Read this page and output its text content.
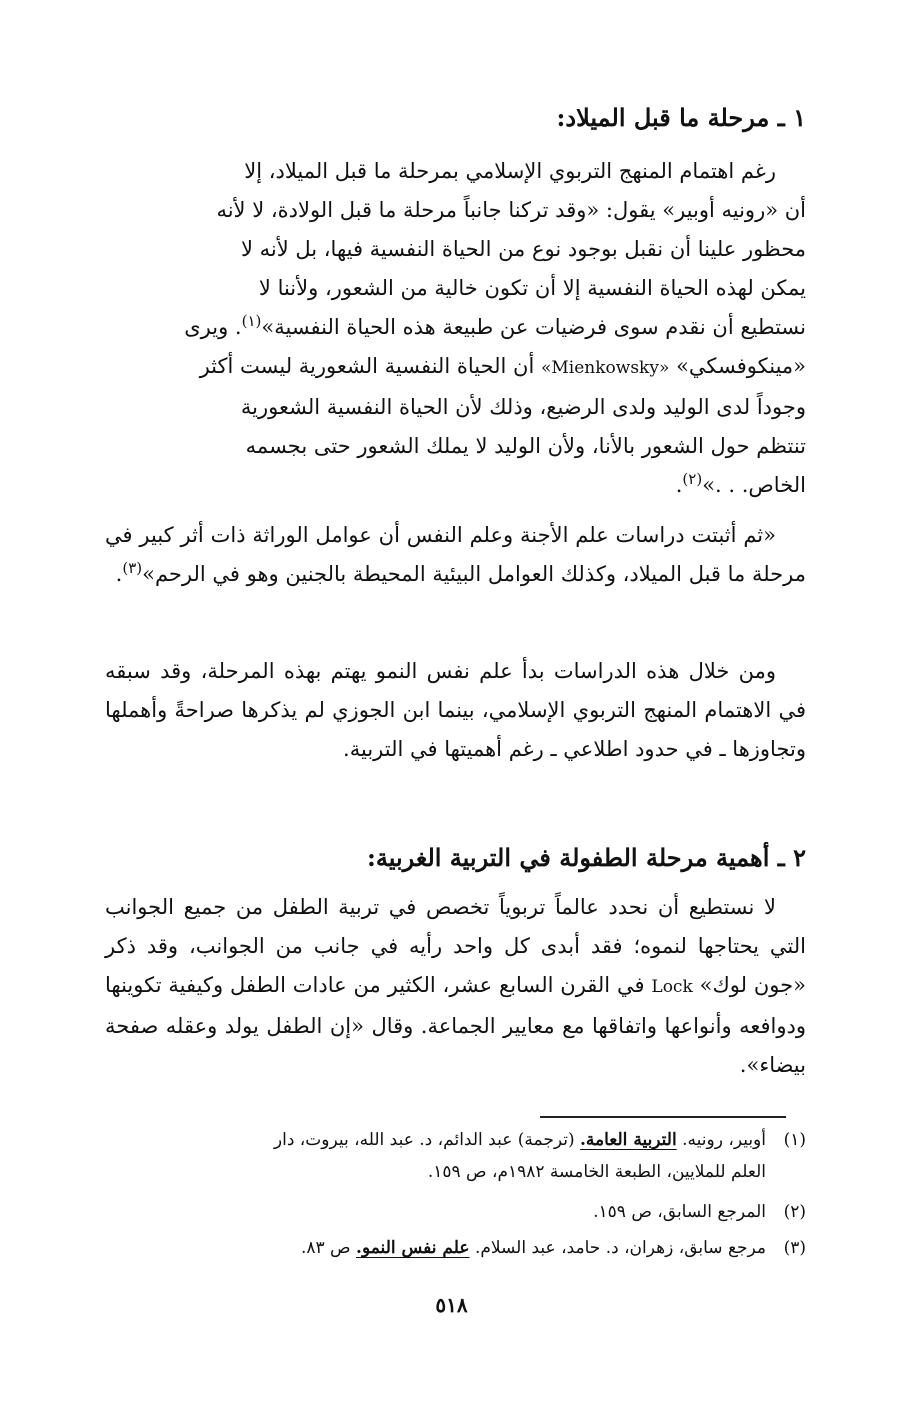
١ ـ مرحلة ما قبل الميلاد:
رغم اهتمام المنهج التربوي الإسلامي بمرحلة ما قبل الميلاد، إلا
أن «رونيه أوبير» يقول: «وقد تركنا جانباً مرحلة ما قبل الولادة، لا لأنه
محظور علينا أن نقبل بوجود نوع من الحياة النفسية فيها، بل لأنه لا
يمكن لهذه الحياة النفسية إلا أن تكون خالية من الشعور، ولأننا لا
نستطيع أن نقدم سوى فرضيات عن طبيعة هذه الحياة النفسية»$^{(١)}$. ويرى
«مينكوفسكي» «Mienkowsky» أن الحياة النفسية الشعورية ليست أكثر
وجوداً لدى الوليد ولدى الرضيع، وذلك لأن الحياة النفسية الشعورية
تنتظم حول الشعور بالأنا، ولأن الوليد لا يملك الشعور حتى بجسمه
الخاص. . .»$^{(٢)}$.

«ثم أثبتت دراسات علم الأجنة وعلم النفس أن عوامل الوراثة ذات أثر كبير في مرحلة ما قبل الميلاد، وكذلك العوامل البيئية المحيطة بالجنين وهو في الرحم»$^{(٣)}$.

ومن خلال هذه الدراسات بدأ علم نفس النمو يهتم بهذه المرحلة، وقد سبقه في الاهتمام المنهج التربوي الإسلامي، بينما ابن الجوزي لم يذكرها صراحةً وأهملها وتجاوزها ـ في حدود اطلاعي ـ رغم أهميتها في التربية.

٢ ـ أهمية مرحلة الطفولة في التربية الغربية:

لا نستطيع أن نحدد عالماً تربوياً تخصص في تربية الطفل من جميع الجوانب التي يحتاجها لنموه؛ فقد أبدى كل واحد رأيه في جانب من الجوانب، وقد ذكر «جون لوك» Lock في القرن السابع عشر، الكثير من عادات الطفل وكيفية تكوينها ودوافعه وأنواعها واتفاقها مع معايير الجماعة. وقال «إن الطفل يولد وعقله صفحة بيضاء».

(١)أوبير، رونيه. التربية العامة. (ترجمة) عبد الدائم، د. عبد الله، بيروت، دار
العلم للملايين، الطبعة الخامسة ١٩٨٢م، ص ١٥٩.
(٢)المرجع السابق، ص ١٥٩.
(٣)مرجع سابق، زهران، د. حامد، عبد السلام. علم نفس النمو. ص ٨٣.
٥١٨
